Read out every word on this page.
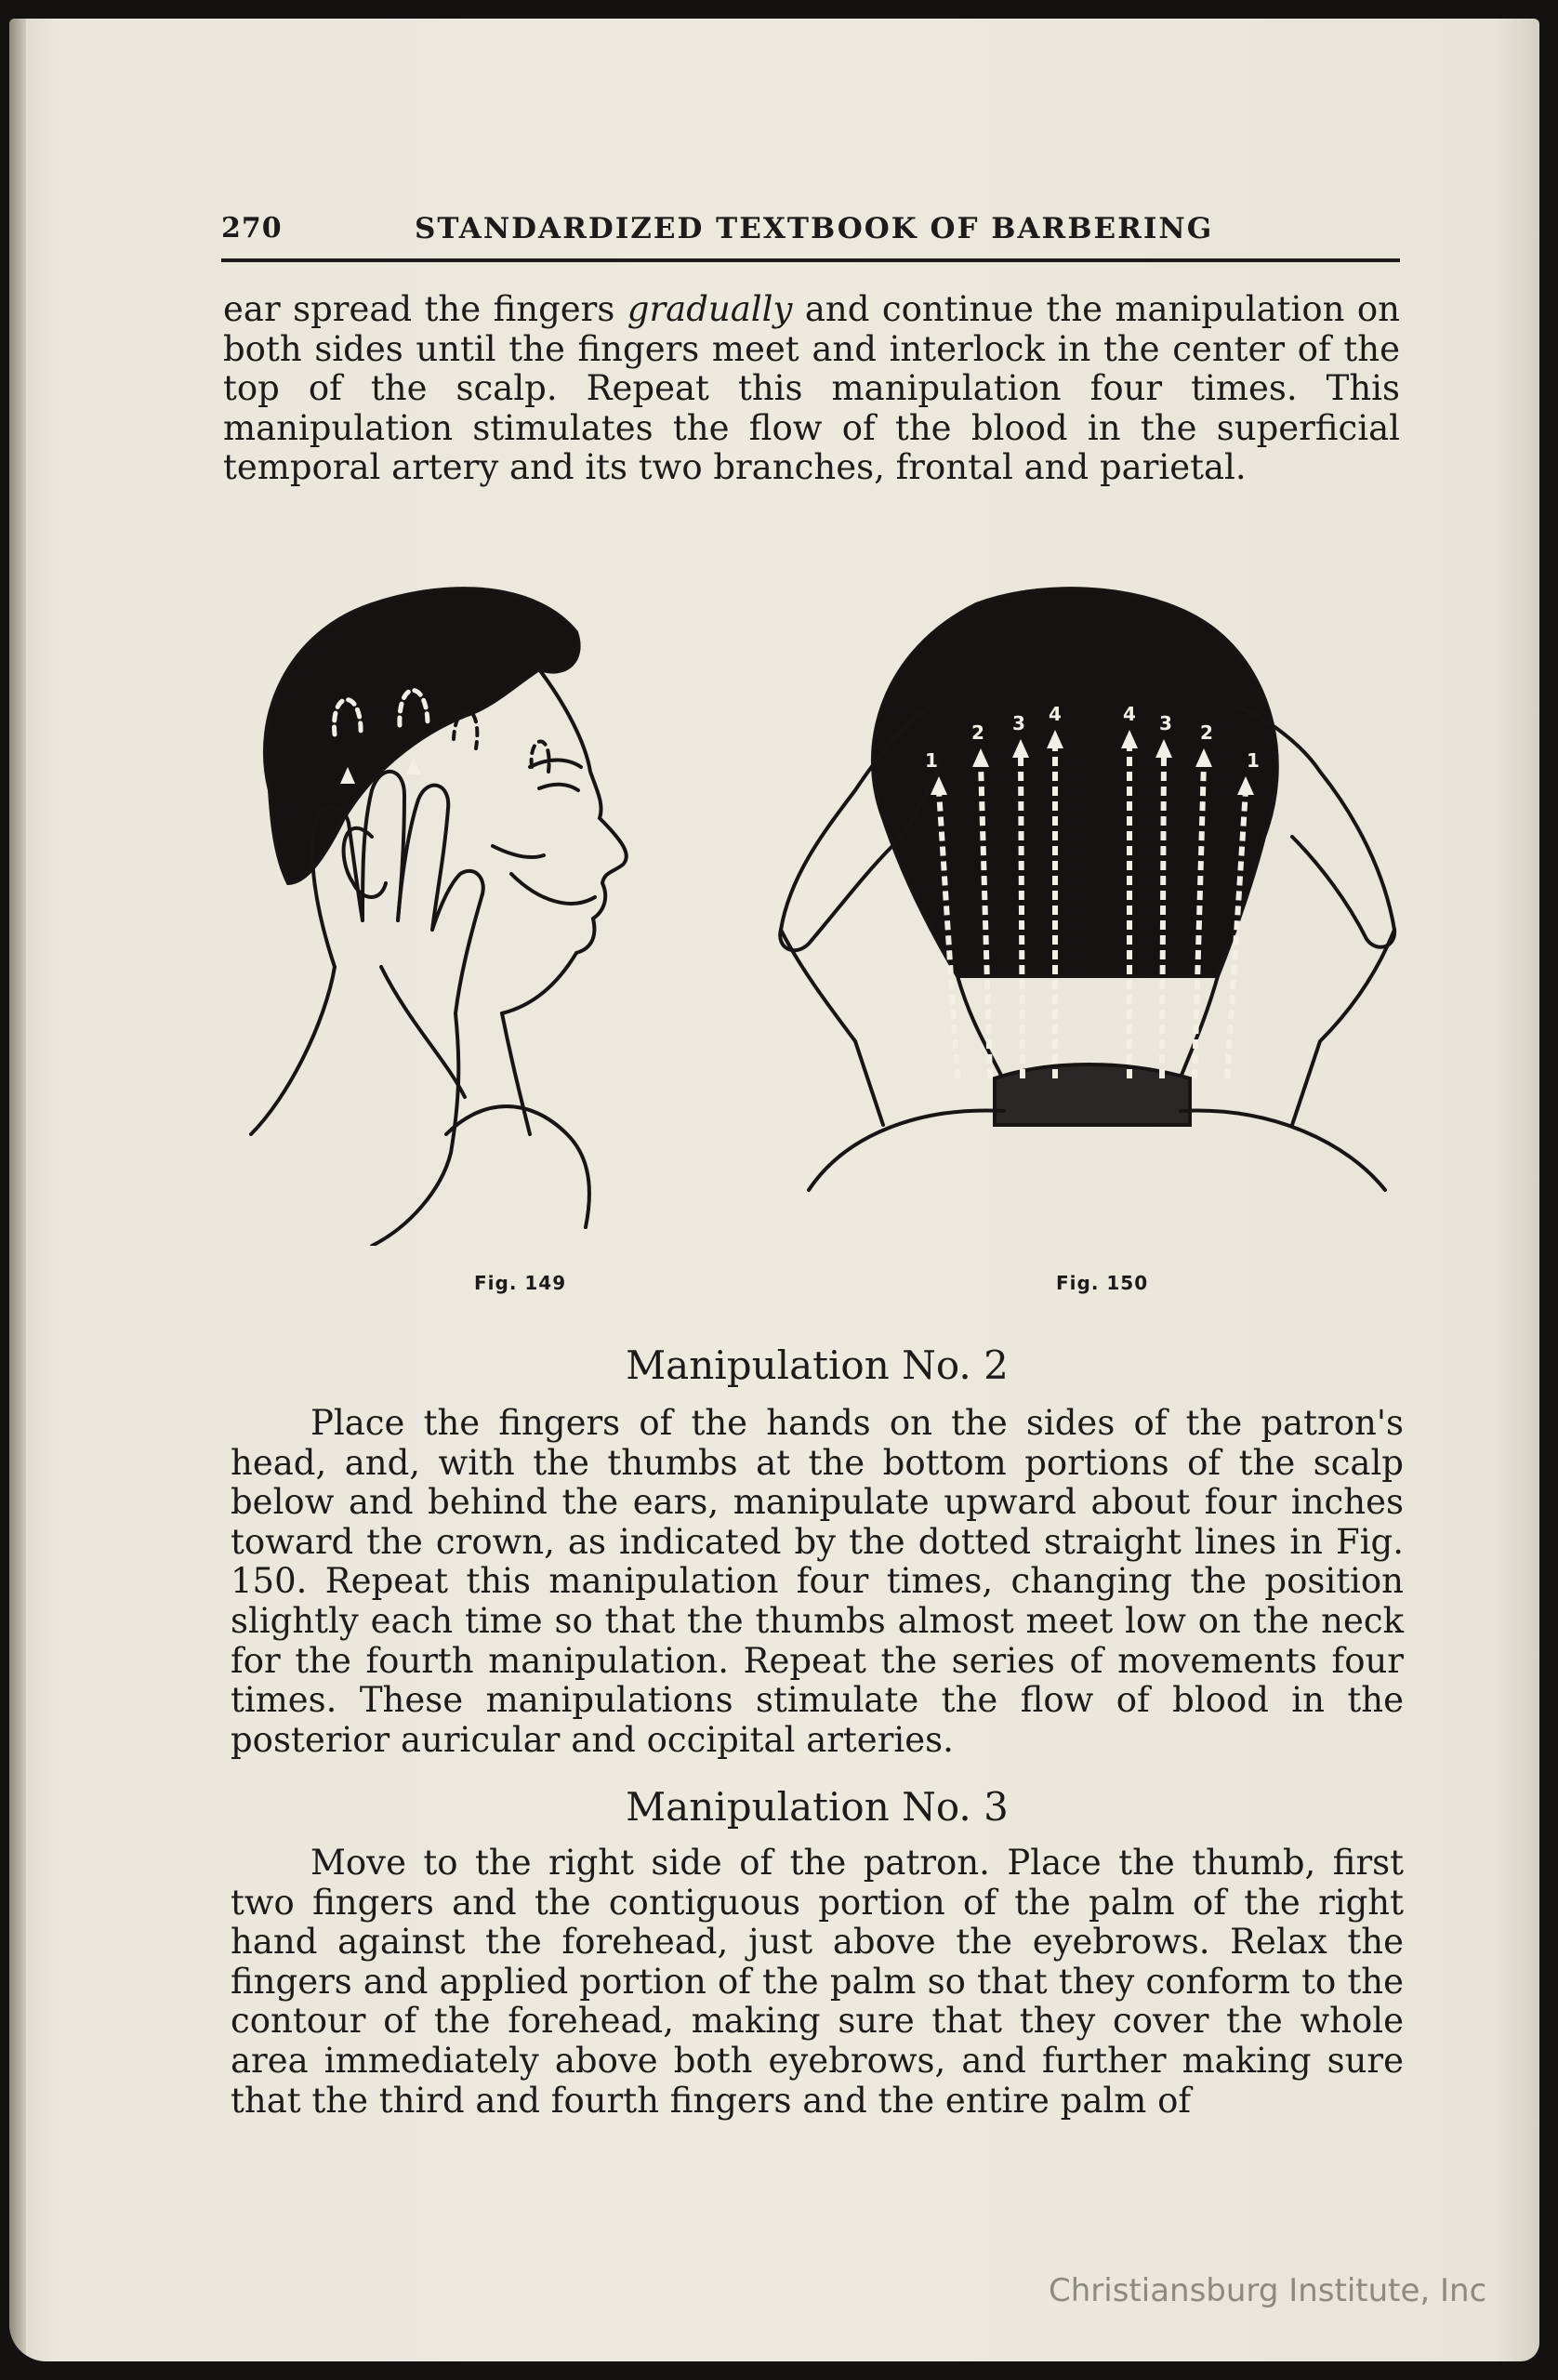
270	STANDARDIZED TEXTBOOK OF BARBERING

ear spread the fingers gradually and continue the manipulation on both sides until the fingers meet and interlock in the center of the top of the scalp. Repeat this manipulation four times. This manipulation stimulates the flow of the blood in the superficial temporal artery and its two branches, frontal and parietal.

1
2 3 4	4 3 2
1
Fig. 149	Fig. 150
Manipulation No. 2

Place the fingers of the hands on the sides of the patron's head, and, with the thumbs at the bottom portions of the scalp below and behind the ears, manipulate upward about four inches toward the crown, as indicated by the dotted straight lines in Fig. 150. Repeat this manipulation four times, changing the position slightly each time so that the thumbs almost meet low on the neck for the fourth manipulation. Repeat the series of movements four times. These manipulations stimulate the flow of blood in the posterior auricular and occipital arteries.

Manipulation No. 3

Move to the right side of the patron. Place the thumb, first two fingers and the contiguous portion of the palm of the right hand against the forehead, just above the eyebrows. Relax the fingers and applied portion of the palm so that they conform to the contour of the forehead, making sure that they cover the whole area immediately above both eyebrows, and further making sure that the third and fourth fingers and the entire palm of

Christiansburg Institute, Inc
